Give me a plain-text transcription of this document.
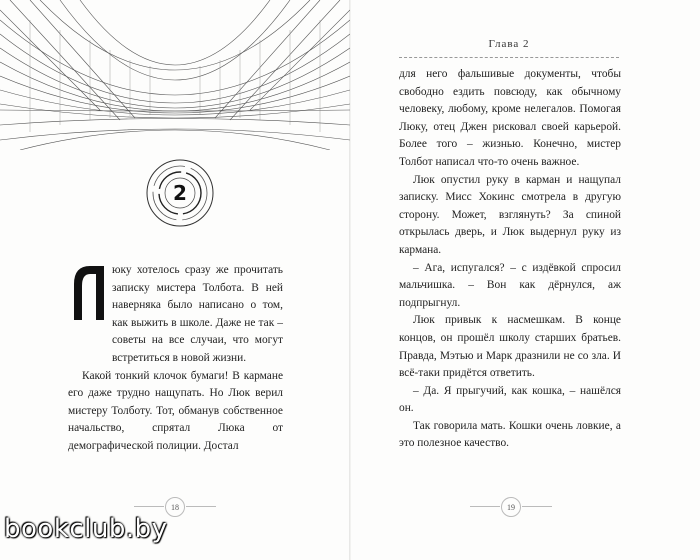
2

юку хотелось сразу же прочитать записку мистера Толбота. В ней наверняка было написано о том, как выжить в школе. Даже не так – советы на все случаи, что могут встретиться в новой жизни.

Какой тонкий клочок бумаги! В кармане его даже трудно нащупать. Но Люк верил мистеру Толботу. Тот, обманув собственное начальство, спрятал Люка от демографической полиции. Достал

18
Глава 2

для него фальшивые документы, чтобы свободно ездить повсюду, как обычному человеку, любому, кроме нелегалов. Помогая Люку, отец Джен рисковал своей карьерой. Более того – жизнью. Конечно, мистер Толбот написал что-то очень важное.

Люк опустил руку в карман и нащупал записку. Мисс Хокинс смотрела в другую сторону. Может, взглянуть? За спиной открылась дверь, и Люк выдернул руку из кармана.

– Ага, испугался? – с издёвкой спросил мальчишка. – Вон как дёрнулся, аж подпрыгнул.

Люк привык к насмешкам. В конце концов, он прошёл школу старших братьев. Правда, Мэтью и Марк дразнили не со зла. И всё-таки придётся ответить.

– Да. Я прыгучий, как кошка, – нашёлся он.

Так говорила мать. Кошки очень ловкие, а это полезное качество.

19
bookclub.by
